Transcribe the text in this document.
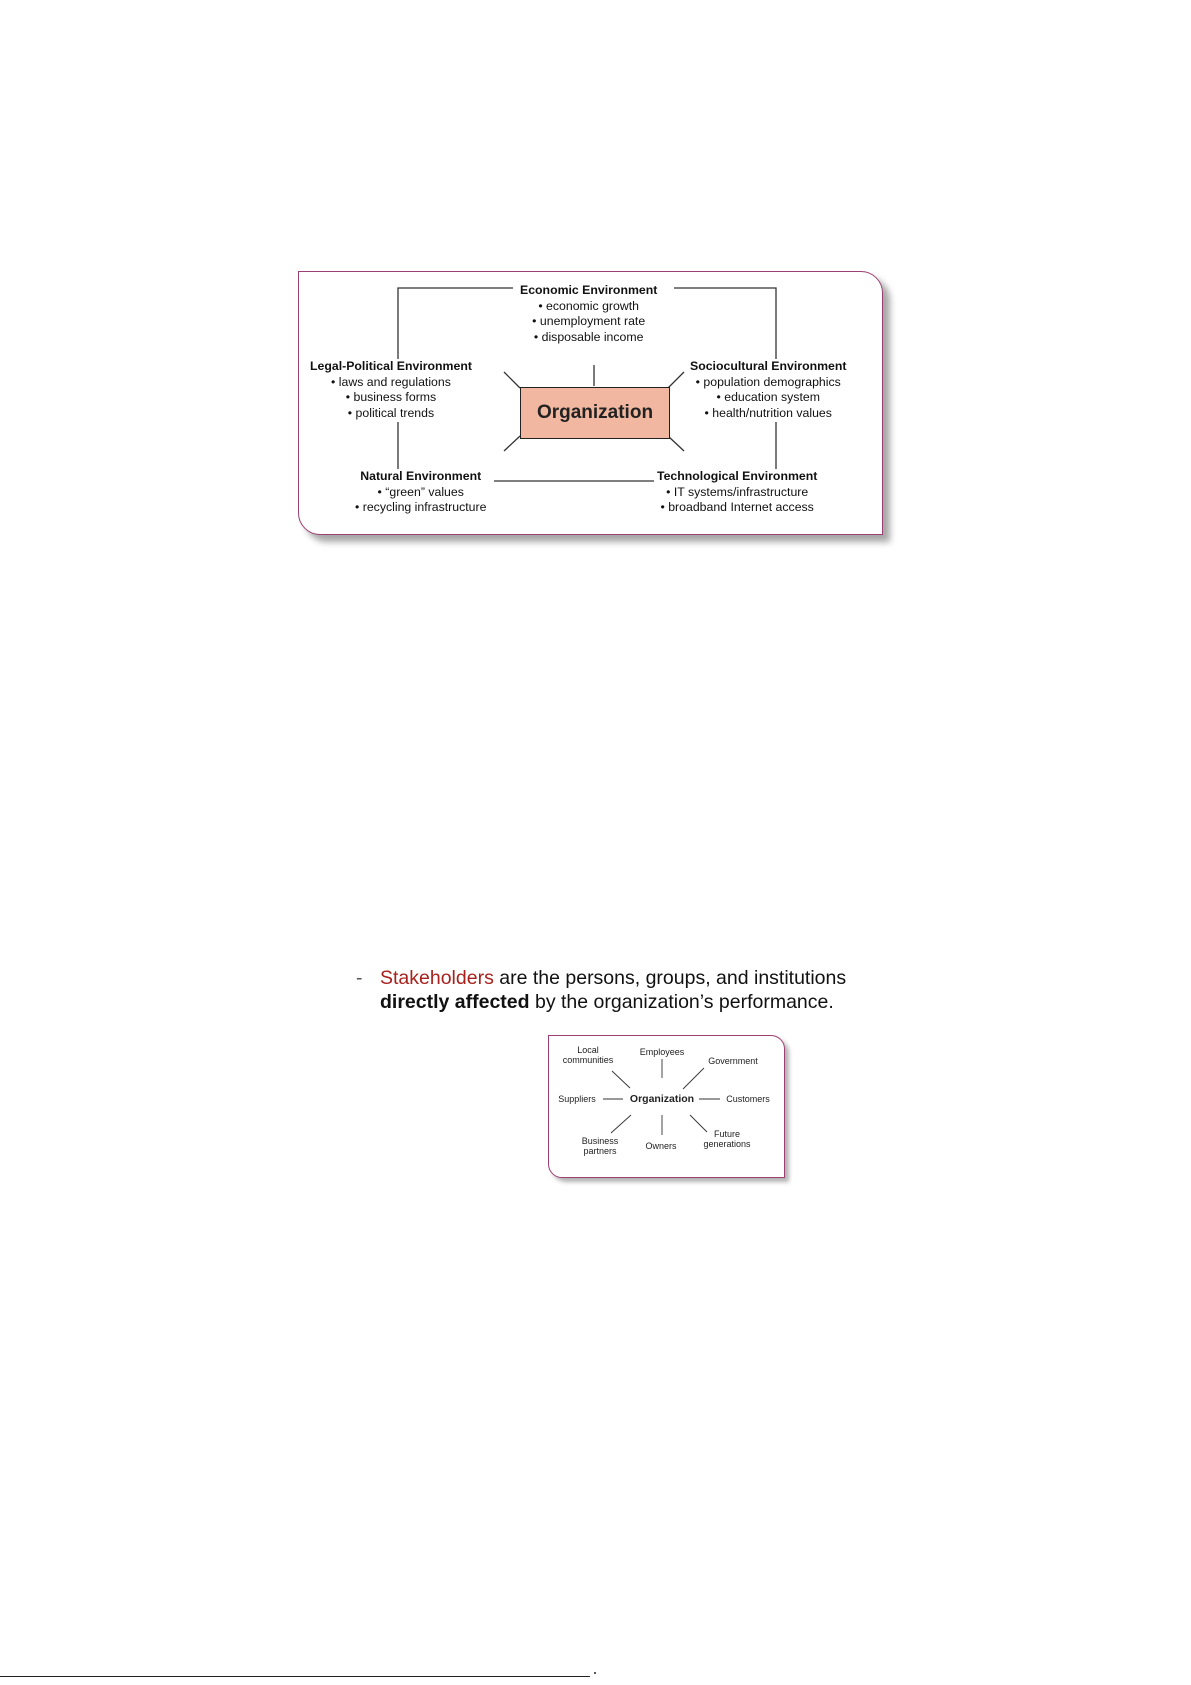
Economic Environment
• economic growth
• unemployment rate
• disposable income
Legal-Political Environment
• laws and regulations
• business forms
• political trends
Sociocultural Environment
• population demographics
• education system
• health/nutrition values
Organization
Natural Environment
• “green” values
• recycling infrastructure
Technological Environment
• IT systems/infrastructure
• broadband Internet access
- Stakeholders are the persons, groups, and institutions directly affected by the organization’s performance.
Local
communities
Employees
Government
Suppliers	Organization	Customers
Business
partners	Owners
Future
generations
